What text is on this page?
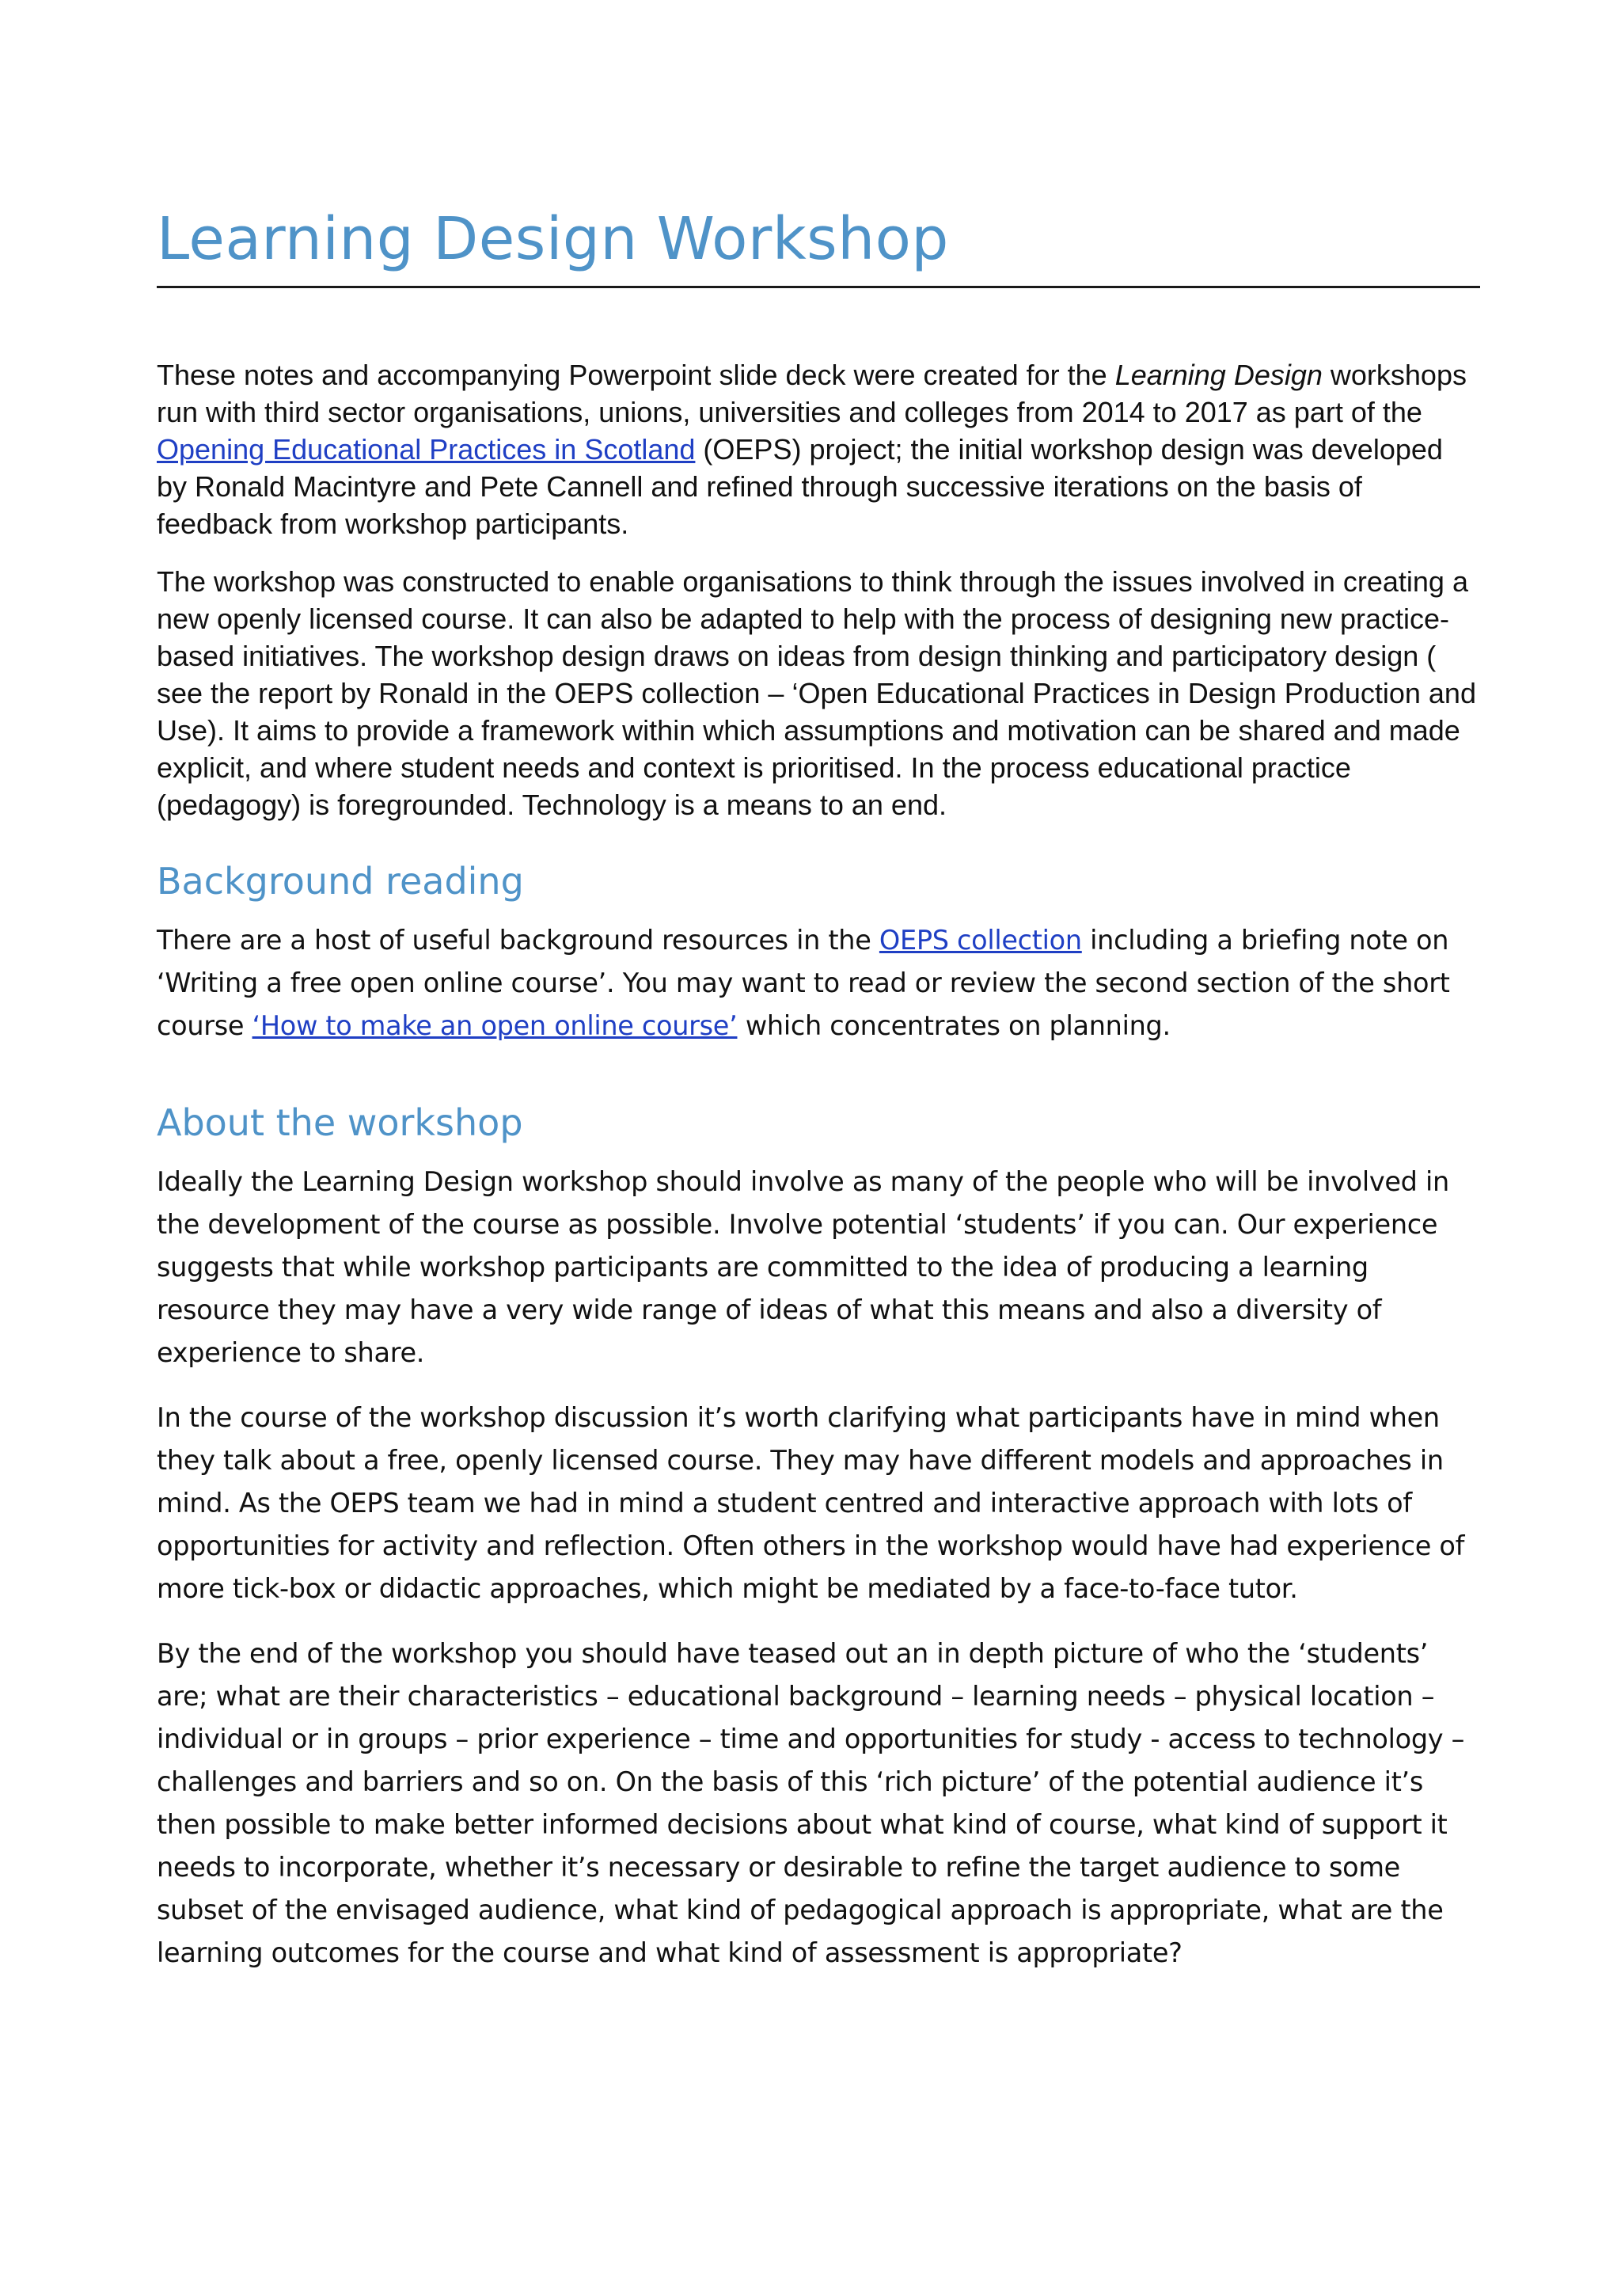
Learning Design Workshop

These notes and accompanying Powerpoint slide deck were created for the Learning Design workshops run with third sector organisations, unions, universities and colleges from 2014 to 2017 as part of the Opening Educational Practices in Scotland (OEPS) project; the initial workshop design was developed by Ronald Macintyre and Pete Cannell and refined through successive iterations on the basis of feedback from workshop participants.

The workshop was constructed to enable organisations to think through the issues involved in creating a new openly licensed course. It can also be adapted to help with the process of designing new practice-based initiatives. The workshop design draws on ideas from design thinking and participatory design ( see the report by Ronald in the OEPS collection – ‘Open Educational Practices in Design Production and Use). It aims to provide a framework within which assumptions and motivation can be shared and made explicit, and where student needs and context is prioritised. In the process educational practice (pedagogy) is foregrounded. Technology is a means to an end.

Background reading

There are a host of useful background resources in the OEPS collection including a briefing note on ‘Writing a free open online course’. You may want to read or review the second section of the short course ‘How to make an open online course’ which concentrates on planning.

About the workshop

Ideally the Learning Design workshop should involve as many of the people who will be involved in the development of the course as possible. Involve potential ‘students’ if you can. Our experience suggests that while workshop participants are committed to the idea of producing a learning resource they may have a very wide range of ideas of what this means and also a diversity of experience to share.

In the course of the workshop discussion it’s worth clarifying what participants have in mind when they talk about a free, openly licensed course. They may have different models and approaches in mind. As the OEPS team we had in mind a student centred and interactive approach with lots of opportunities for activity and reflection. Often others in the workshop would have had experience of more tick-box or didactic approaches, which might be mediated by a face-to-face tutor.

By the end of the workshop you should have teased out an in depth picture of who the ‘students’ are; what are their characteristics – educational background – learning needs – physical location – individual or in groups – prior experience – time and opportunities for study - access to technology – challenges and barriers and so on. On the basis of this ‘rich picture’ of the potential audience it’s then possible to make better informed decisions about what kind of course, what kind of support it needs to incorporate, whether it’s necessary or desirable to refine the target audience to some subset of the envisaged audience, what kind of pedagogical approach is appropriate, what are the learning outcomes for the course and what kind of assessment is appropriate?
